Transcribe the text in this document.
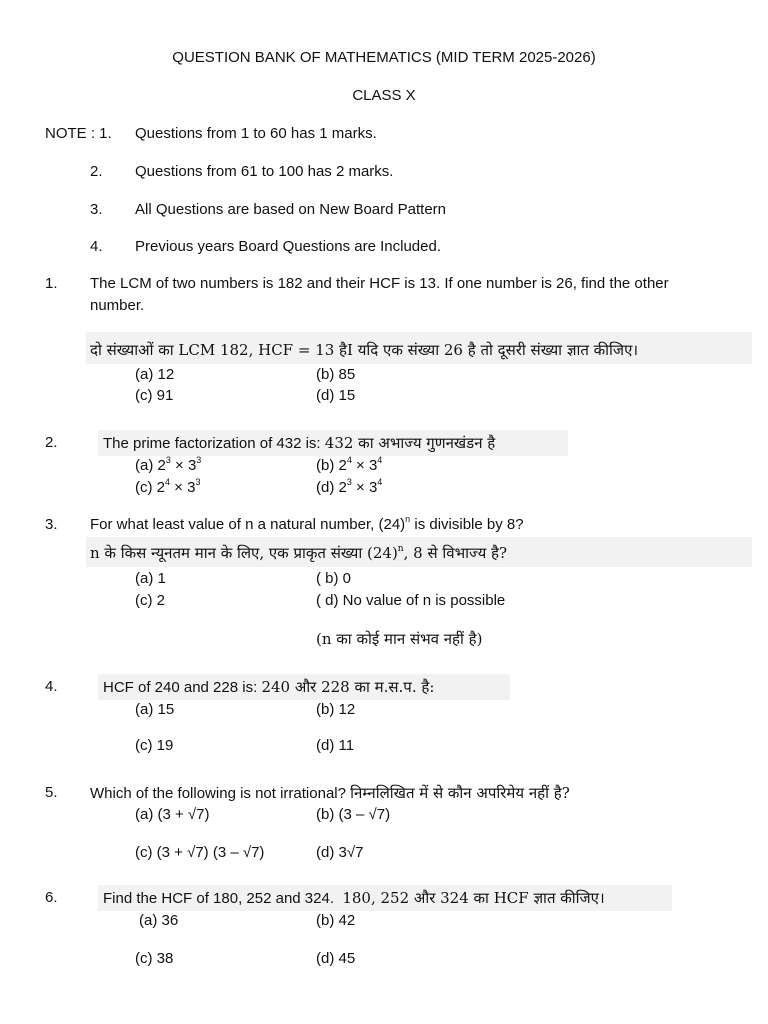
QUESTION BANK OF MATHEMATICS (MID TERM 2025-2026)
CLASS X
NOTE : 1. Questions from 1 to 60 has 1 marks.
2. Questions from 61 to 100 has 2 marks.
3. All Questions are based on New Board Pattern
4. Previous years Board Questions are Included.
1. The LCM of two numbers is 182 and their HCF is 13. If one number is 26, find the other
number.
दो संख्याओं का LCM 182, HCF = 13 हैI यदि एक संख्या 26 है तो दूसरी संख्या ज्ञात कीजिए।
(a) 12	(b) 85
(c) 91	(d) 15
2.	The prime factorization of 432 is: 432 का अभाज्य गुणनखंडन है
(a) $2^3 \times 3^3$	(b) $2^4 \times 3^4$
(c) $2^4 \times 3^3$	(d) $2^3 \times 3^4$
3. For what least value of n a natural number, $(24)^n$ is divisible by 8?
n के किस न्यूनतम मान के लिए, एक प्राकृत संख्या $(24)^n$, 8 से विभाज्य है?
(a) 1	( b) 0
(c) 2	( d) No value of n is possible
(n का कोई मान संभव नहीं है)
4.	HCF of 240 and 228 is: 240 और 228 का म.स.प. है:
(a) 15	(b) 12
(c) 19	(d) 11
5. Which of the following is not irrational? निम्नलिखित में से कौन अपरिमेय नहीं है?
(a) (3 + √7)	(b) (3 – √7)
(c) (3 + √7) (3 – √7)	(d) 3√7
6.	Find the HCF of 180, 252 and 324. 180, 252 और 324 का HCF ज्ञात कीजिए।
(a) 36	(b) 42
(c) 38	(d) 45
